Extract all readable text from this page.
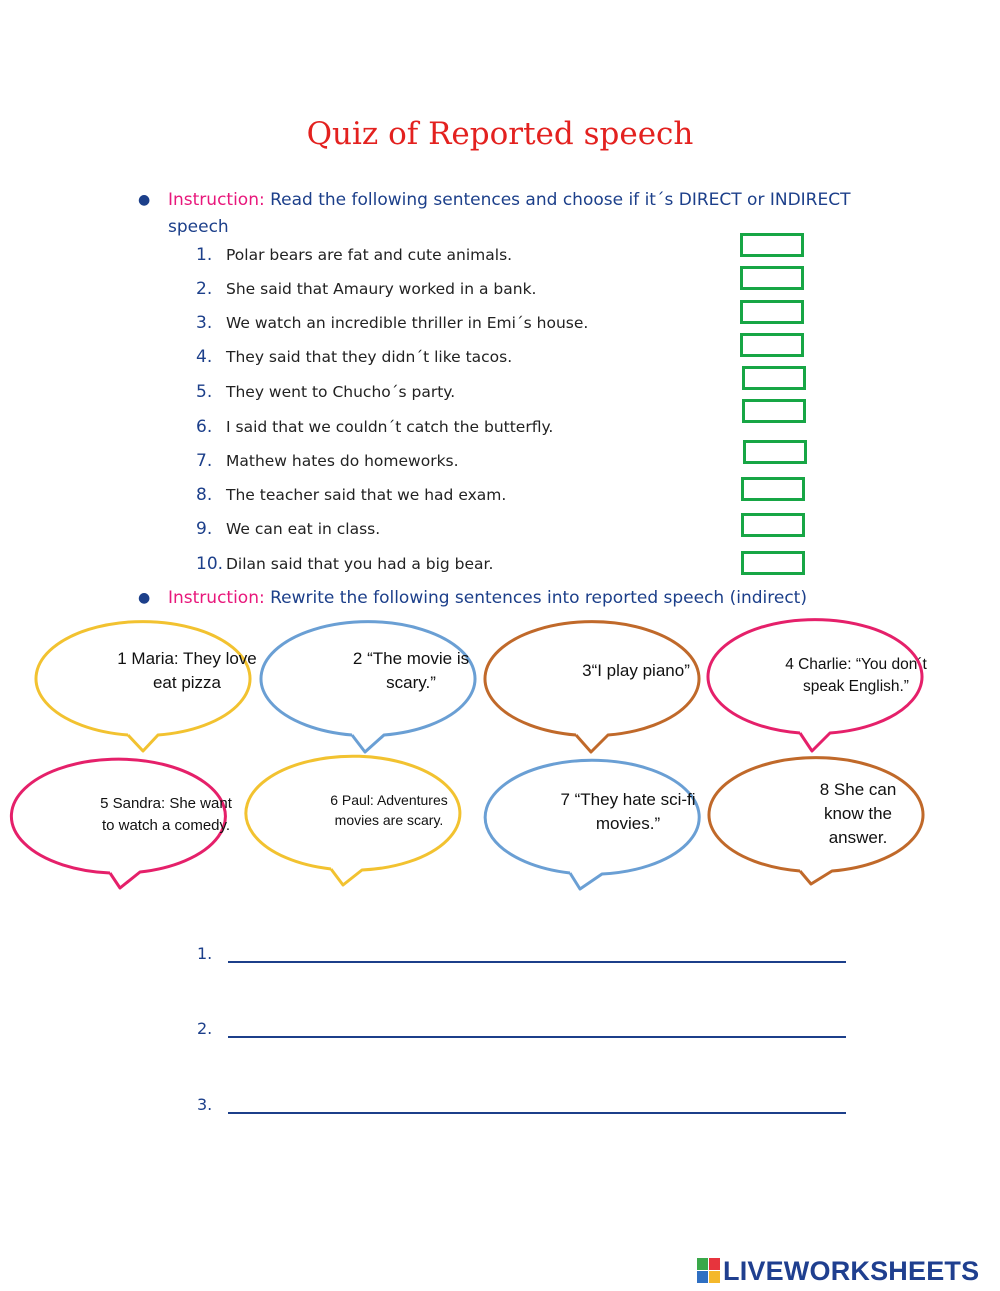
Quiz of Reported speech
● Instruction: Read the following sentences and choose if it´s DIRECT or INDIRECT speech
1. Polar bears are fat and cute animals.
2. She said that Amaury worked in a bank.
3. We watch an incredible thriller in Emi´s house.
4. They said that they didn´t like tacos.
5. They went to Chucho´s party.
6. I said that we couldn´t catch the butterfly.
7. Mathew hates do homeworks.
8. The teacher said that we had exam.
9. We can eat in class.
10. Dilan said that you had a big bear.
● Instruction: Rewrite the following sentences into reported speech (indirect)
1 Maria: They love eat pizza
2 “The movie is scary.”
3“I play piano”	4 Charlie: “You don´t speak English.”
5 Sandra: She want to watch a comedy.
6 Paul: Adventures movies are scary.
7 “They hate sci-fi movies.”
8 She can know the answer.
1.
2.
3.
LIVEWORKSHEETS
